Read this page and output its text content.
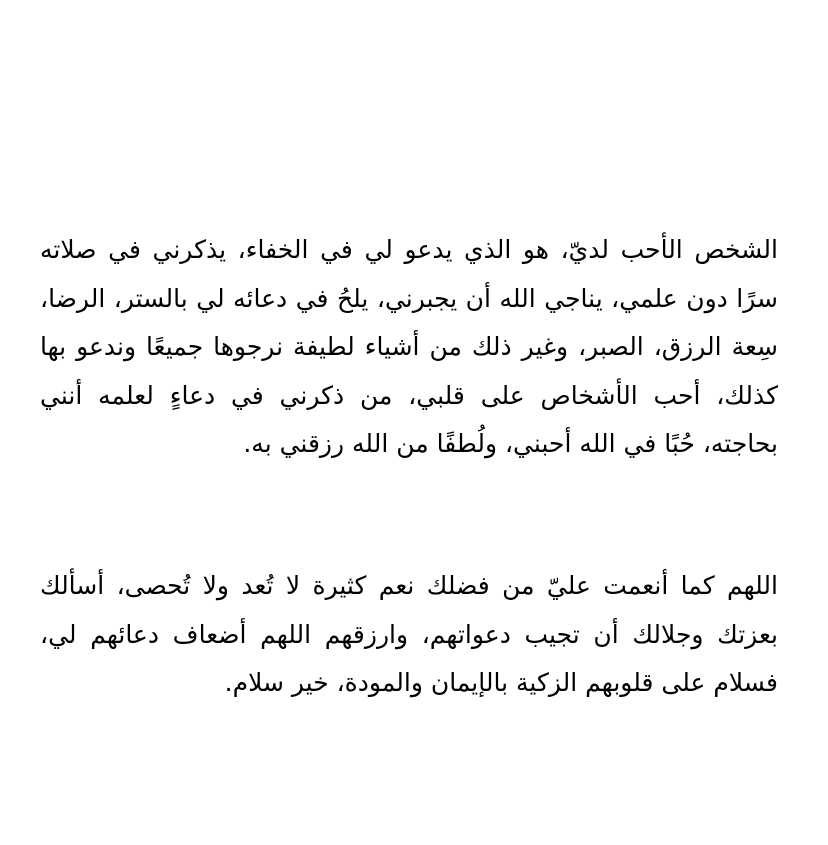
الشخص الأحب لديّ، هو الذي يدعو لي في الخفاء، يذكرني في صلاته سرًا دون علمي، يناجي الله أن يجبرني، يلحُ في دعائه لي بالستر، الرضا، سِعة الرزق، الصبر، وغير ذلك من أشياء لطيفة نرجوها جميعًا وندعو بها كذلك، أحب الأشخاص على قلبي، من ذكرني في دعاءٍ لعلمه أنني بحاجته، حُبًا في الله أحبني، ولُطفًا من الله رزقني به.

اللهم كما أنعمت عليّ من فضلك نعم كثيرة لا تُعد ولا تُحصى، أسألك بعزتك وجلالك أن تجيب دعواتهم، وارزقهم اللهم أضعاف دعائهم لي، فسلام على قلوبهم الزكية بالإيمان والمودة، خير سلام.
